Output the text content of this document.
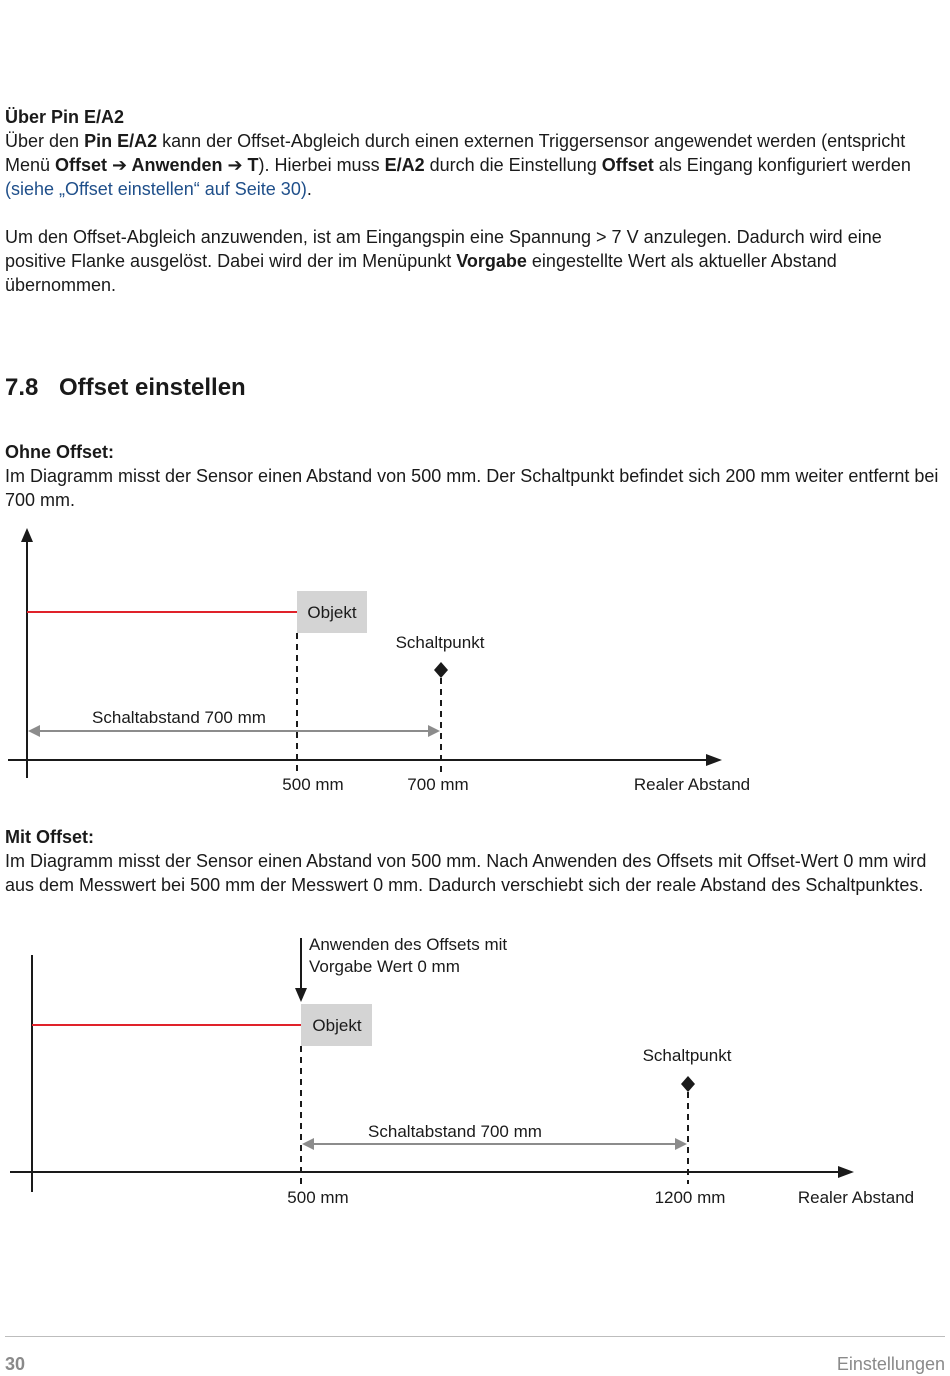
Über Pin E/A2

Über den Pin E/A2 kann der Offset-Abgleich durch einen externen Triggersensor angewendet werden (entspricht Menü Offset ➔ Anwenden ➔ T). Hierbei muss E/A2 durch die Einstellung Offset als Eingang konfiguriert werden (siehe „Offset einstellen“ auf Seite 30).

Um den Offset-Abgleich anzuwenden, ist am Eingangspin eine Spannung > 7 V anzulegen. Dadurch wird eine positive Flanke ausgelöst. Dabei wird der im Menüpunkt Vorgabe eingestellte Wert als aktueller Abstand übernommen.

7.8 Offset einstellen

Ohne Offset:

Im Diagramm misst der Sensor einen Abstand von 500 mm. Der Schaltpunkt befindet sich 200 mm weiter entfernt bei 700 mm.

Objekt
Schaltpunkt
Schaltabstand 700 mm
500 mm	700 mm	Realer Abstand

Mit Offset:

Im Diagramm misst der Sensor einen Abstand von 500 mm. Nach Anwenden des Offsets mit Offset-Wert 0 mm wird aus dem Messwert bei 500 mm der Messwert 0 mm. Dadurch verschiebt sich der reale Abstand des Schaltpunktes.

Anwenden des Offsets mit
Vorgabe Wert 0 mm
Objekt
Schaltpunkt
Schaltabstand 700 mm
500 mm	1200 mm	Realer Abstand
30	Einstellungen
